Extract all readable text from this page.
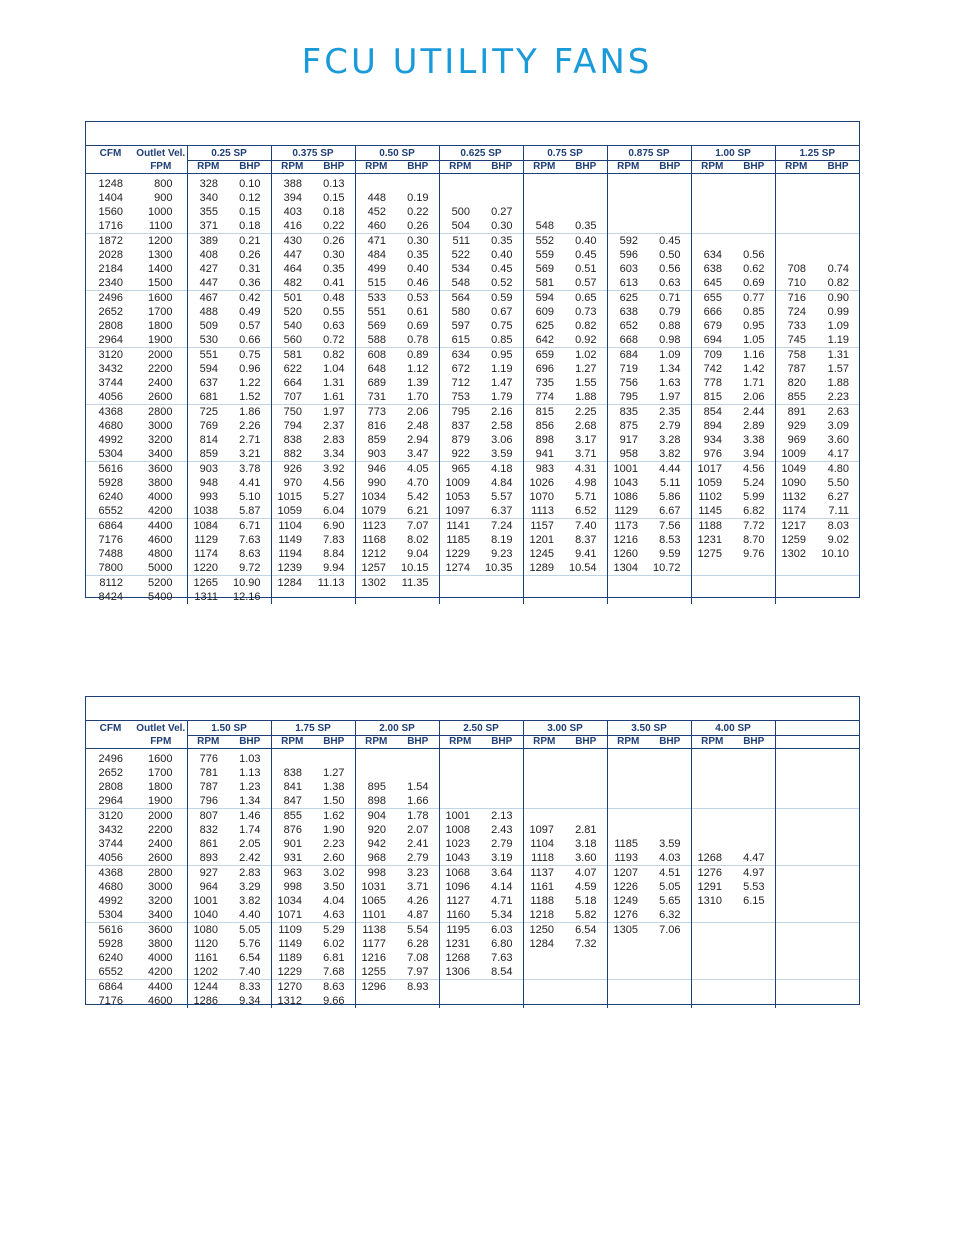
FCU UTILITY FANS
CFM	Outlet Vel.	0.25 SP		0.375 SP		0.50 SP		0.625 SP		0.75 SP		0.875 SP		1.00 SP		1.25 SP	
	FPM	RPM	BHP	RPM	BHP	RPM	BHP	RPM	BHP	RPM	BHP	RPM	BHP	RPM	BHP	RPM	BHP
1248	800	328	0.10	388	0.13												
1404	900	340	0.12	394	0.15	448	0.19										
1560	1000	355	0.15	403	0.18	452	0.22	500	0.27								
1716	1100	371	0.18	416	0.22	460	0.26	504	0.30	548	0.35						
1872	1200	389	0.21	430	0.26	471	0.30	511	0.35	552	0.40	592	0.45				
2028	1300	408	0.26	447	0.30	484	0.35	522	0.40	559	0.45	596	0.50	634	0.56		
2184	1400	427	0.31	464	0.35	499	0.40	534	0.45	569	0.51	603	0.56	638	0.62	708	0.74
2340	1500	447	0.36	482	0.41	515	0.46	548	0.52	581	0.57	613	0.63	645	0.69	710	0.82
2496	1600	467	0.42	501	0.48	533	0.53	564	0.59	594	0.65	625	0.71	655	0.77	716	0.90
2652	1700	488	0.49	520	0.55	551	0.61	580	0.67	609	0.73	638	0.79	666	0.85	724	0.99
2808	1800	509	0.57	540	0.63	569	0.69	597	0.75	625	0.82	652	0.88	679	0.95	733	1.09
2964	1900	530	0.66	560	0.72	588	0.78	615	0.85	642	0.92	668	0.98	694	1.05	745	1.19
3120	2000	551	0.75	581	0.82	608	0.89	634	0.95	659	1.02	684	1.09	709	1.16	758	1.31
3432	2200	594	0.96	622	1.04	648	1.12	672	1.19	696	1.27	719	1.34	742	1.42	787	1.57
3744	2400	637	1.22	664	1.31	689	1.39	712	1.47	735	1.55	756	1.63	778	1.71	820	1.88
4056	2600	681	1.52	707	1.61	731	1.70	753	1.79	774	1.88	795	1.97	815	2.06	855	2.23
4368	2800	725	1.86	750	1.97	773	2.06	795	2.16	815	2.25	835	2.35	854	2.44	891	2.63
4680	3000	769	2.26	794	2.37	816	2.48	837	2.58	856	2.68	875	2.79	894	2.89	929	3.09
4992	3200	814	2.71	838	2.83	859	2.94	879	3.06	898	3.17	917	3.28	934	3.38	969	3.60
5304	3400	859	3.21	882	3.34	903	3.47	922	3.59	941	3.71	958	3.82	976	3.94	1009	4.17
5616	3600	903	3.78	926	3.92	946	4.05	965	4.18	983	4.31	1001	4.44	1017	4.56	1049	4.80
5928	3800	948	4.41	970	4.56	990	4.70	1009	4.84	1026	4.98	1043	5.11	1059	5.24	1090	5.50
6240	4000	993	5.10	1015	5.27	1034	5.42	1053	5.57	1070	5.71	1086	5.86	1102	5.99	1132	6.27
6552	4200	1038	5.87	1059	6.04	1079	6.21	1097	6.37	1113	6.52	1129	6.67	1145	6.82	1174	7.11
6864	4400	1084	6.71	1104	6.90	1123	7.07	1141	7.24	1157	7.40	1173	7.56	1188	7.72	1217	8.03
7176	4600	1129	7.63	1149	7.83	1168	8.02	1185	8.19	1201	8.37	1216	8.53	1231	8.70	1259	9.02
7488	4800	1174	8.63	1194	8.84	1212	9.04	1229	9.23	1245	9.41	1260	9.59	1275	9.76	1302	10.10
7800	5000	1220	9.72	1239	9.94	1257	10.15	1274	10.35	1289	10.54	1304	10.72				
8112	5200	1265	10.90	1284	11.13	1302	11.35										
8424	5400	1311	12.16														
CFM	Outlet Vel.	1.50 SP		1.75 SP		2.00 SP		2.50 SP		3.00 SP		3.50 SP		4.00 SP			
	FPM	RPM	BHP	RPM	BHP	RPM	BHP	RPM	BHP	RPM	BHP	RPM	BHP	RPM	BHP		
2496	1600	776	1.03														
2652	1700	781	1.13	838	1.27												
2808	1800	787	1.23	841	1.38	895	1.54										
2964	1900	796	1.34	847	1.50	898	1.66										
3120	2000	807	1.46	855	1.62	904	1.78	1001	2.13								
3432	2200	832	1.74	876	1.90	920	2.07	1008	2.43	1097	2.81						
3744	2400	861	2.05	901	2.23	942	2.41	1023	2.79	1104	3.18	1185	3.59				
4056	2600	893	2.42	931	2.60	968	2.79	1043	3.19	1118	3.60	1193	4.03	1268	4.47		
4368	2800	927	2.83	963	3.02	998	3.23	1068	3.64	1137	4.07	1207	4.51	1276	4.97		
4680	3000	964	3.29	998	3.50	1031	3.71	1096	4.14	1161	4.59	1226	5.05	1291	5.53		
4992	3200	1001	3.82	1034	4.04	1065	4.26	1127	4.71	1188	5.18	1249	5.65	1310	6.15		
5304	3400	1040	4.40	1071	4.63	1101	4.87	1160	5.34	1218	5.82	1276	6.32				
5616	3600	1080	5.05	1109	5.29	1138	5.54	1195	6.03	1250	6.54	1305	7.06				
5928	3800	1120	5.76	1149	6.02	1177	6.28	1231	6.80	1284	7.32						
6240	4000	1161	6.54	1189	6.81	1216	7.08	1268	7.63								
6552	4200	1202	7.40	1229	7.68	1255	7.97	1306	8.54								
6864	4400	1244	8.33	1270	8.63	1296	8.93										
7176	4600	1286	9.34	1312	9.66												
